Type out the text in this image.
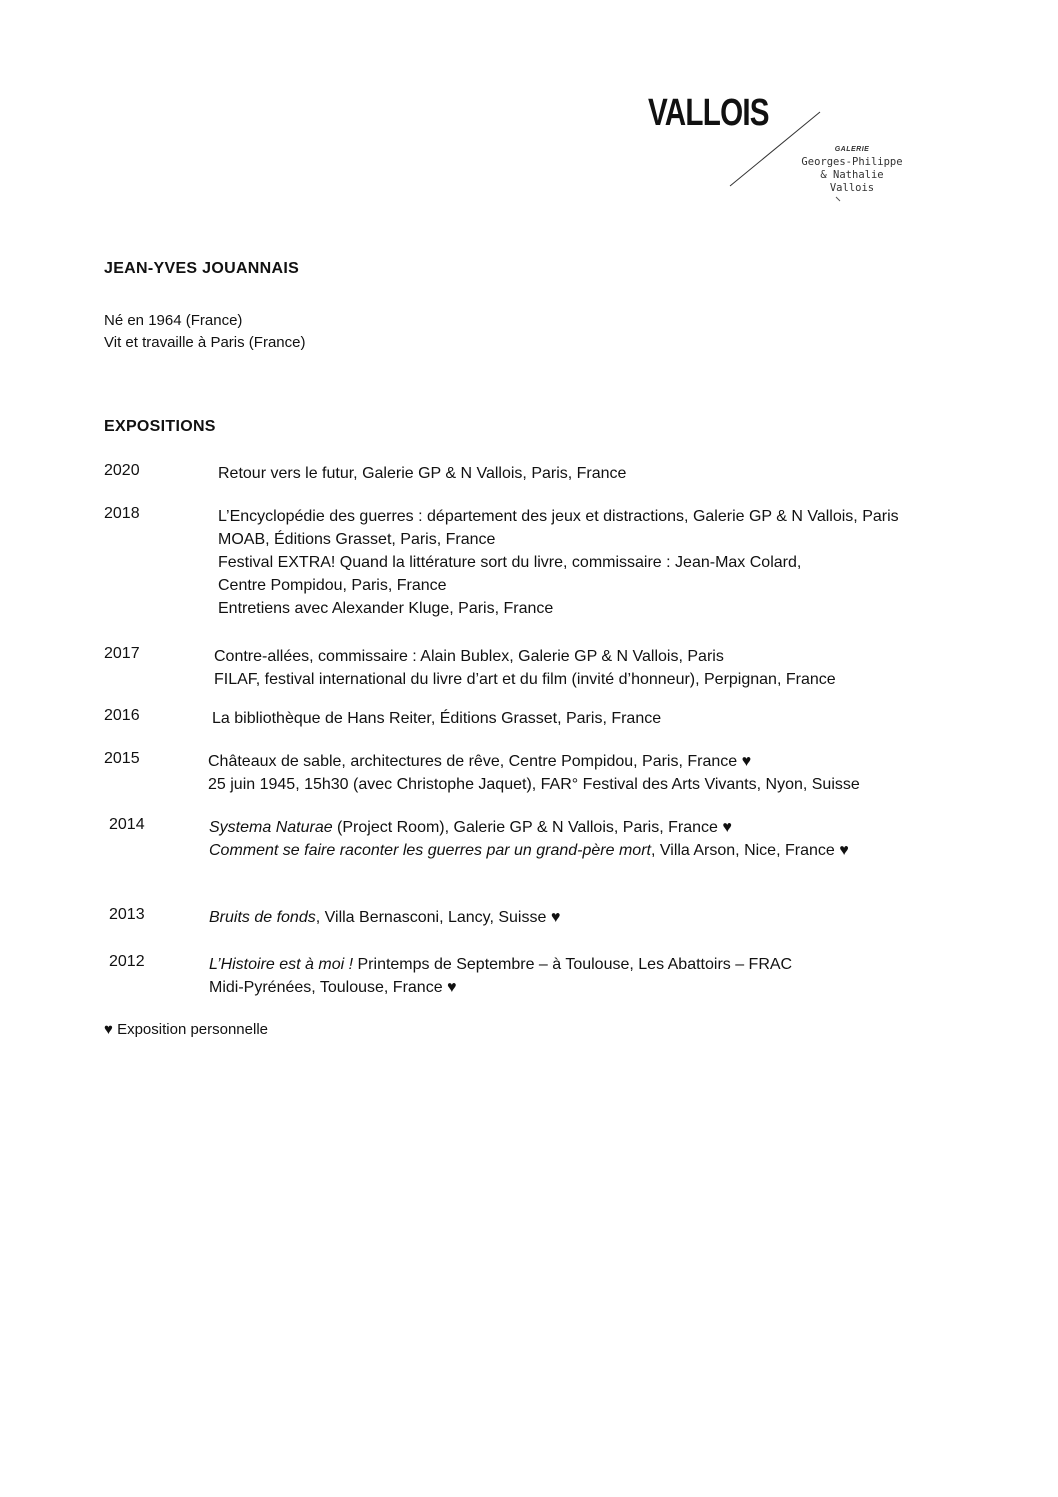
VALLOIS
GALERIE
Georges-Philippe
& Nathalie
Vallois
JEAN-YVES JOUANNAIS
Né en 1964 (France)
Vit et travaille à Paris (France)
EXPOSITIONS
2020	Retour vers le futur, Galerie GP & N Vallois, Paris, France
2018	L’Encyclopédie des guerres : département des jeux et distractions, Galerie GP & N Vallois, Paris
MOAB, Éditions Grasset, Paris, France
Festival EXTRA! Quand la littérature sort du livre, commissaire : Jean-Max Colard,
Centre Pompidou, Paris, France
Entretiens avec Alexander Kluge, Paris, France
2017	Contre-allées, commissaire : Alain Bublex, Galerie GP & N Vallois, Paris
FILAF, festival international du livre d’art et du film (invité d’honneur), Perpignan, France
2016	La bibliothèque de Hans Reiter, Éditions Grasset, Paris, France
2015	Châteaux de sable, architectures de rêve, Centre Pompidou, Paris, France ♥
25 juin 1945, 15h30 (avec Christophe Jaquet), FAR° Festival des Arts Vivants, Nyon, Suisse
2014	Systema Naturae (Project Room), Galerie GP & N Vallois, Paris, France ♥
Comment se faire raconter les guerres par un grand-père mort, Villa Arson, Nice, France ♥
2013	Bruits de fonds, Villa Bernasconi, Lancy, Suisse ♥
2012	L’Histoire est à moi ! Printemps de Septembre – à Toulouse, Les Abattoirs – FRAC
Midi-Pyrénées, Toulouse, France ♥
♥ Exposition personnelle
